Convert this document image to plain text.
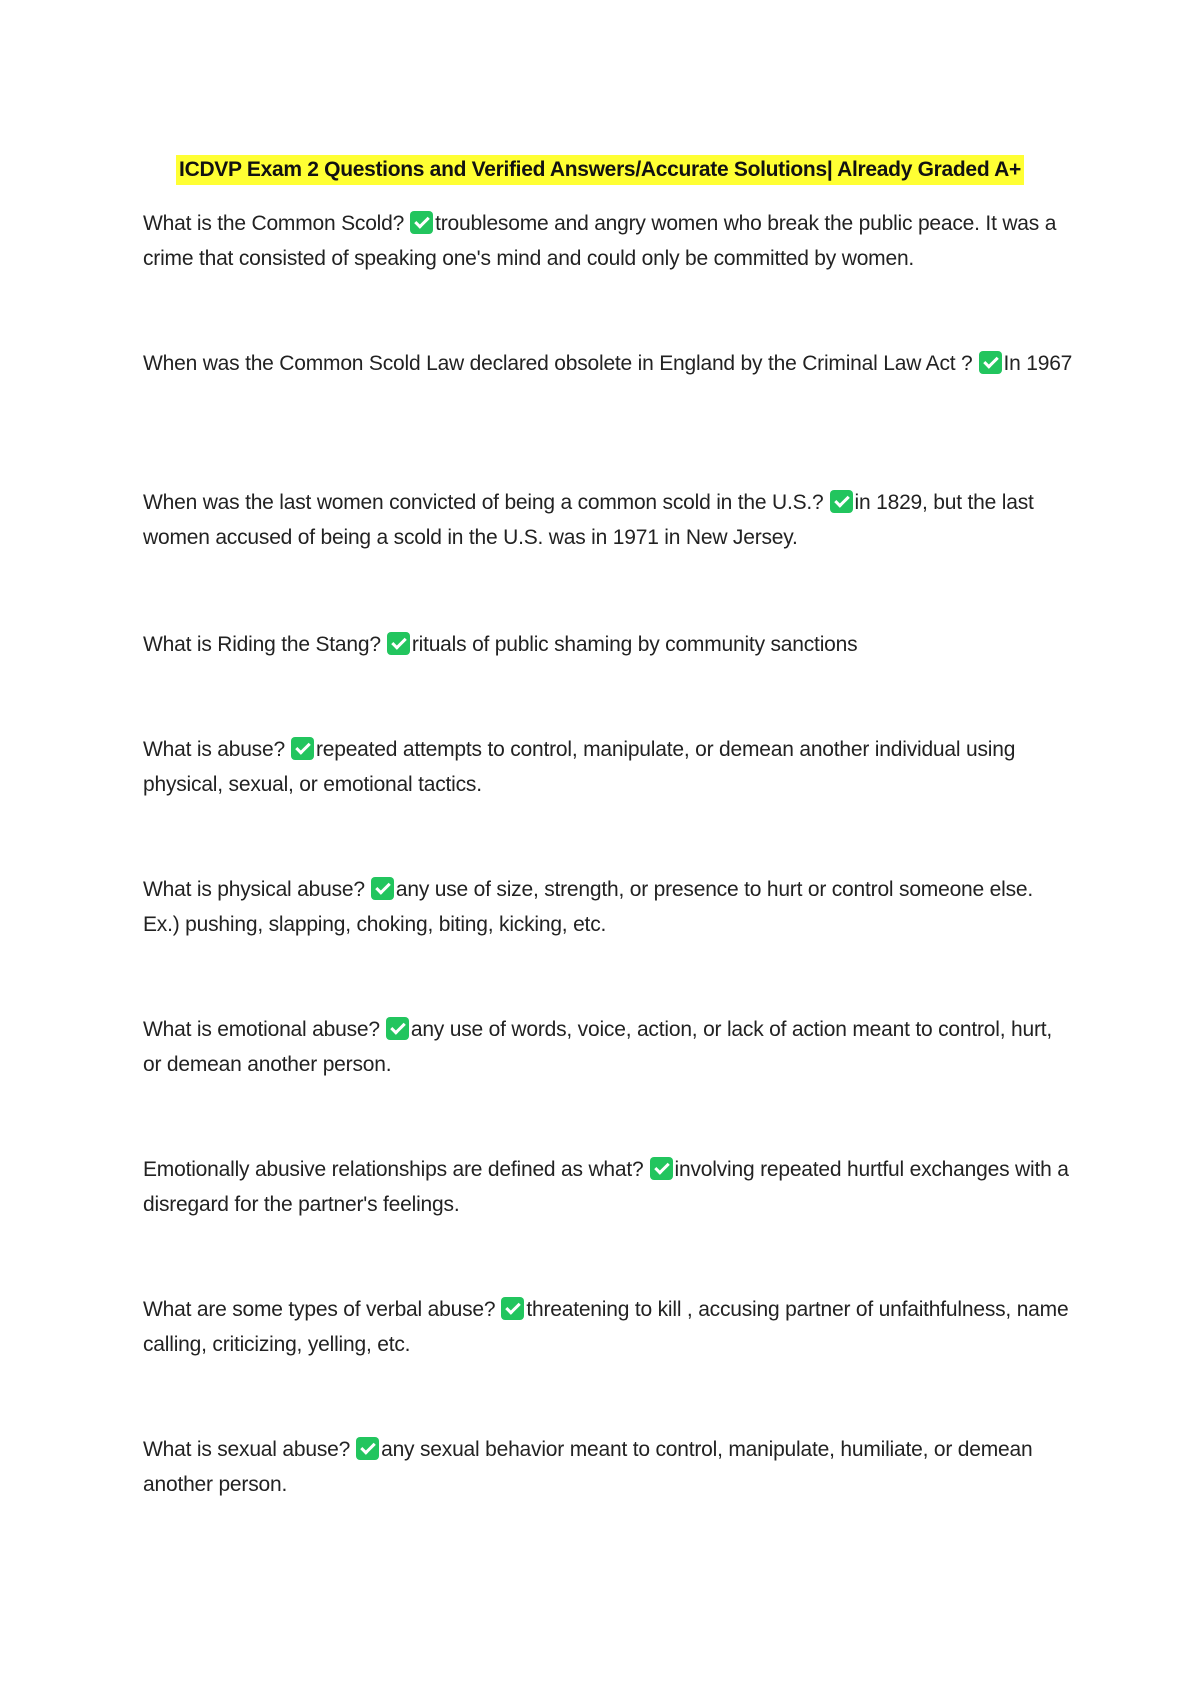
ICDVP Exam 2 Questions and Verified Answers/Accurate Solutions| Already Graded A+
What is the Common Scold? troublesome and angry women who break the public peace. It was a crime that consisted of speaking one's mind and could only be committed by women.
When was the Common Scold Law declared obsolete in England by the Criminal Law Act ? In 1967
When was the last women convicted of being a common scold in the U.S.? in 1829, but the last women accused of being a scold in the U.S. was in 1971 in New Jersey.
What is Riding the Stang? rituals of public shaming by community sanctions
What is abuse? repeated attempts to control, manipulate, or demean another individual using physical, sexual, or emotional tactics.
What is physical abuse? any use of size, strength, or presence to hurt or control someone else. Ex.) pushing, slapping, choking, biting, kicking, etc.
What is emotional abuse? any use of words, voice, action, or lack of action meant to control, hurt, or demean another person.
Emotionally abusive relationships are defined as what? involving repeated hurtful exchanges with a disregard for the partner's feelings.
What are some types of verbal abuse? threatening to kill , accusing partner of unfaithfulness, name calling, criticizing, yelling, etc.
What is sexual abuse? any sexual behavior meant to control, manipulate, humiliate, or demean another person.
